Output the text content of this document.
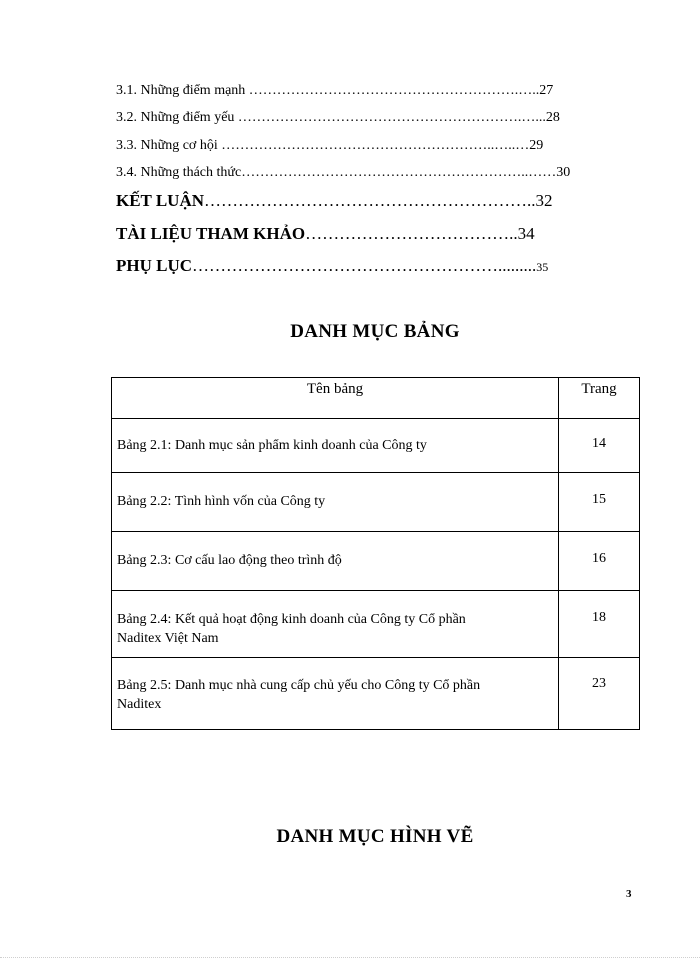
3.1. Những điểm mạnh ………………………………………………….…..27
3.2. Những điểm yếu …………………………………………………….…...28
3.3. Những cơ hội …………………………………………………..…..…29
3.4. Những thách thức……………………………………………………..……30
KẾT LUẬN…………………………………………………..32
TÀI LIỆU THAM KHẢO………………………………..34
PHỤ LỤC……………………………………………….........35
DANH MỤC BẢNG
Tên bảng	Trang
Bảng 2.1: Danh mục sản phẩm kinh doanh của Công ty	14
Bảng 2.2: Tình hình vốn của Công ty	15
Bảng 2.3: Cơ cấu lao động theo trình độ	16

Bảng 2.4: Kết quả hoạt động kinh doanh của Công ty Cổ phần
Naditex Việt Nam	18

Bảng 2.5: Danh mục nhà cung cấp chủ yếu cho Công ty Cổ phần
Naditex	23
DANH MỤC HÌNH VẼ
3
